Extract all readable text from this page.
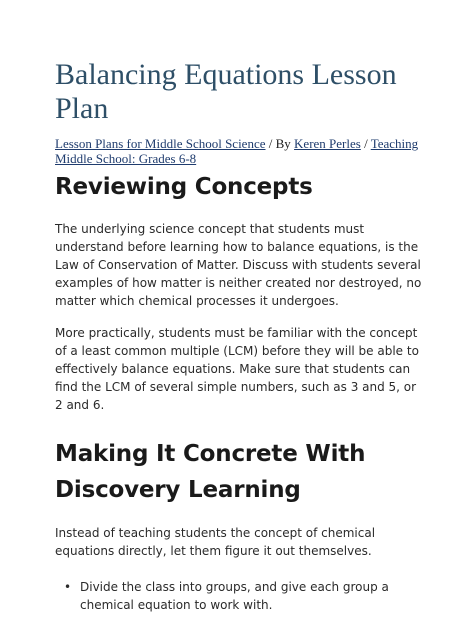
Balancing Equations Lesson Plan
Lesson Plans for Middle School Science / By Keren Perles / Teaching Middle School: Grades 6-8
Reviewing Concepts

The underlying science concept that students must understand before learning how to balance equations, is the Law of Conservation of Matter. Discuss with students several examples of how matter is neither created nor destroyed, no matter which chemical processes it undergoes.

More practically, students must be familiar with the concept of a least common multiple (LCM) before they will be able to effectively balance equations. Make sure that students can find the LCM of several simple numbers, such as 3 and 5, or 2 and 6.

Making It Concrete With Discovery Learning

Instead of teaching students the concept of chemical equations directly, let them figure it out themselves.

• Divide the class into groups, and give each group a chemical equation to work with.
